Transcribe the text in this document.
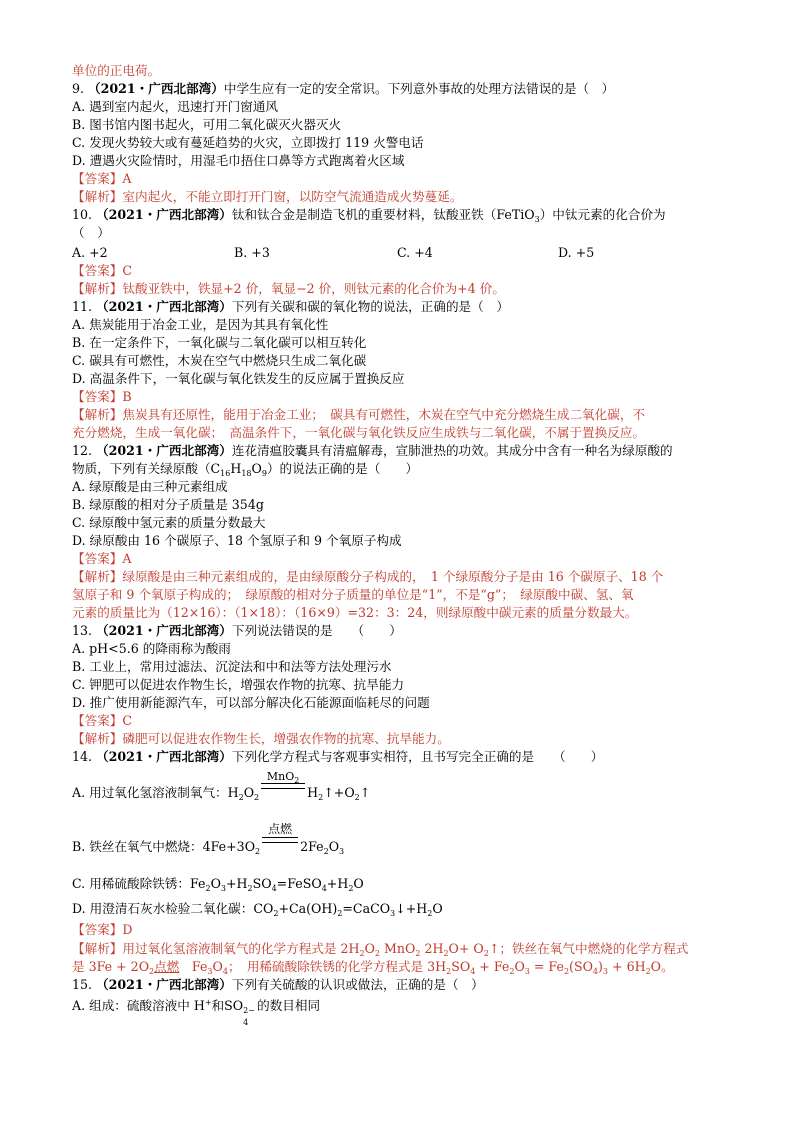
单位的正电荷。
9. （2021・广西北部湾）中学生应有一定的安全常识。下列意外事故的处理方法错误的是（　）
A. 遇到室内起火，迅速打开门窗通风
B. 图书馆内图书起火，可用二氧化碳灭火器灭火
C. 发现火势较大或有蔓延趋势的火灾，立即拨打 119 火警电话
D. 遭遇火灾险情时，用湿毛巾捂住口鼻等方式跑离着火区域
【答案】A
【解析】室内起火，不能立即打开门窗，以防空气流通造成火势蔓延。
10. （2021・广西北部湾）钛和钛合金是制造飞机的重要材料，钛酸亚铁（FeTiO$_3$）中钛元素的化合价为
（　）
A. +2	B. +3	C. +4	D. +5
【答案】C
【解析】钛酸亚铁中，铁显+2 价，氧显−2 价，则钛元素的化合价为+4 价。
11. （2021・广西北部湾）下列有关碳和碳的氧化物的说法，正确的是（　）
A. 焦炭能用于冶金工业，是因为其具有氧化性
B. 在一定条件下，一氧化碳与二氧化碳可以相互转化
C. 碳具有可燃性，木炭在空气中燃烧只生成二氧化碳
D. 高温条件下，一氧化碳与氧化铁发生的反应属于置换反应
【答案】B
【解析】焦炭具有还原性，能用于冶金工业；　碳具有可燃性，木炭在空气中充分燃烧生成二氧化碳，不
充分燃烧，生成一氧化碳；　高温条件下，一氧化碳与氧化铁反应生成铁与二氧化碳，不属于置换反应。
12. （2021・广西北部湾）连花清瘟胶囊具有清瘟解毒，宣肺泄热的功效。其成分中含有一种名为绿原酸的
物质，下列有关绿原酸$(C_{16}H_{18}O_9)$的说法正确的是（　　）
A. 绿原酸是由三种元素组成
B. 绿原酸的相对分子质量是 354g
C. 绿原酸中氢元素的质量分数最大
D. 绿原酸由 16 个碳原子、18 个氢原子和 9 个氧原子构成
【答案】A
【解析】绿原酸是由三种元素组成的，是由绿原酸分子构成的，　1 个绿原酸分子是由 16 个碳原子、18 个
氢原子和 9 个氧原子构成的；　绿原酸的相对分子质量的单位是“1”，不是“g”；　绿原酸中碳、氢、氧
元素的质量比为（12×16）：（1×18）：（16×9）=32：3：24，则绿原酸中碳元素的质量分数最大。
13. （2021・广西北部湾）下列说法错误的是　　（　　）
A. pH<5.6 的降雨称为酸雨
B. 工业上，常用过滤法、沉淀法和中和法等方法处理污水
C. 钾肥可以促进农作物生长，增强农作物的抗寒、抗旱能力
D. 推广使用新能源汽车，可以部分解决化石能源面临耗尽的问题
【答案】C
【解析】磷肥可以促进农作物生长，增强农作物的抗寒、抗旱能力。
14. （2021・广西北部湾）下列化学方程式与客观事实相符，且书写完全正确的是　　（　　）
A. 用过氧化氢溶液制氧气：$H_2O_2$
MnO$_2$
$H_2↑+O_2↑$
B. 铁丝在氧气中燃烧：$4Fe+3O_2$
点燃
$2Fe_2O_3$
C. 用稀硫酸除铁锈：$Fe_2O_3+H_2SO_4=FeSO_4+H_2O$
D. 用澄清石灰水检验二氧化碳：$CO_2+Ca(OH)_2=CaCO_3↓+H_2O$
【答案】D
【解析】用过氧化氢溶液制氧气的化学方程式是 $2H_2O_2$ MnO$_2$ $2H_2O+$ $O_2↑$；铁丝在氧气中燃烧的化学方程式
是 $3Fe + 2O_2$点燃　$Fe_3O_4$；　用稀硫酸除铁锈的化学方程式是 $3H_2SO_4 + Fe_2O_3 = Fe_2(SO_4)_3 + 6H_2O$。
15. （2021・广西北部湾）下列有关硫酸的认识或做法，正确的是（　）
A. 组成：硫酸溶液中 H+和SO 2−
4
的数目相同
